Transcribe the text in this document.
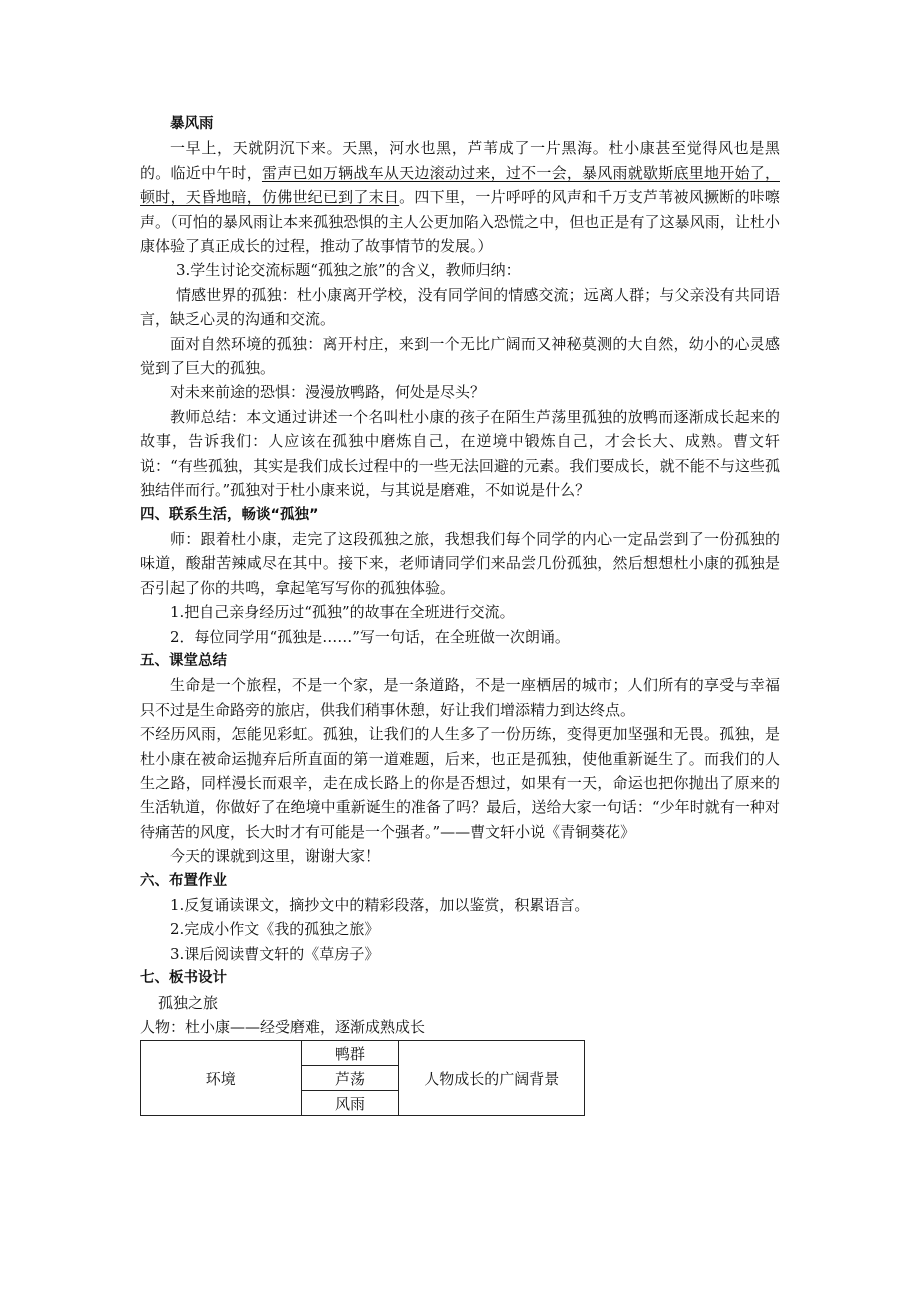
暴风雨

一早上，天就阴沉下来。天黑，河水也黑，芦苇成了一片黑海。杜小康甚至觉得风也是黑的。临近中午时，雷声已如万辆战车从天边滚动过来，过不一会，暴风雨就歇斯底里地开始了，顿时，天昏地暗，仿佛世纪已到了末日。四下里，一片呼呼的风声和千万支芦苇被风撅断的咔嚓声。（可怕的暴风雨让本来孤独恐惧的主人公更加陷入恐慌之中，但也正是有了这暴风雨，让杜小康体验了真正成长的过程，推动了故事情节的发展。）

3.学生讨论交流标题“孤独之旅”的含义，教师归纳：

情感世界的孤独：杜小康离开学校，没有同学间的情感交流；远离人群；与父亲没有共同语言，缺乏心灵的沟通和交流。

面对自然环境的孤独：离开村庄，来到一个无比广阔而又神秘莫测的大自然，幼小的心灵感觉到了巨大的孤独。

对未来前途的恐惧：漫漫放鸭路，何处是尽头？

教师总结：本文通过讲述一个名叫杜小康的孩子在陌生芦荡里孤独的放鸭而逐渐成长起来的故事，告诉我们：人应该在孤独中磨炼自己，在逆境中锻炼自己，才会长大、成熟。曹文轩说：“有些孤独，其实是我们成长过程中的一些无法回避的元素。我们要成长，就不能不与这些孤独结伴而行。”孤独对于杜小康来说，与其说是磨难，不如说是什么？

四、联系生活，畅谈“孤独”

师：跟着杜小康，走完了这段孤独之旅，我想我们每个同学的内心一定品尝到了一份孤独的味道，酸甜苦辣咸尽在其中。接下来，老师请同学们来品尝几份孤独，然后想想杜小康的孤独是否引起了你的共鸣，拿起笔写写你的孤独体验。

1.把自己亲身经历过“孤独”的故事在全班进行交流。

2．每位同学用“孤独是……”写一句话，在全班做一次朗诵。

五、课堂总结

生命是一个旅程，不是一个家，是一条道路，不是一座栖居的城市；人们所有的享受与幸福只不过是生命路旁的旅店，供我们稍事休憩，好让我们增添精力到达终点。

不经历风雨，怎能见彩虹。孤独，让我们的人生多了一份历练，变得更加坚强和无畏。孤独，是杜小康在被命运抛弃后所直面的第一道难题，后来，也正是孤独，使他重新诞生了。而我们的人生之路，同样漫长而艰辛，走在成长路上的你是否想过，如果有一天，命运也把你抛出了原来的生活轨道，你做好了在绝境中重新诞生的准备了吗？最后，送给大家一句话：“少年时就有一种对待痛苦的风度，长大时才有可能是一个强者。”——曹文轩小说《青铜葵花》

今天的课就到这里，谢谢大家！

六、布置作业

1.反复诵读课文，摘抄文中的精彩段落，加以鉴赏，积累语言。

2.完成小作文《我的孤独之旅》

3.课后阅读曹文轩的《草房子》

七、板书设计

孤独之旅

人物：杜小康——经受磨难，逐渐成熟成长

环境	鸭群	人物成长的广阔背景
芦荡
风雨
